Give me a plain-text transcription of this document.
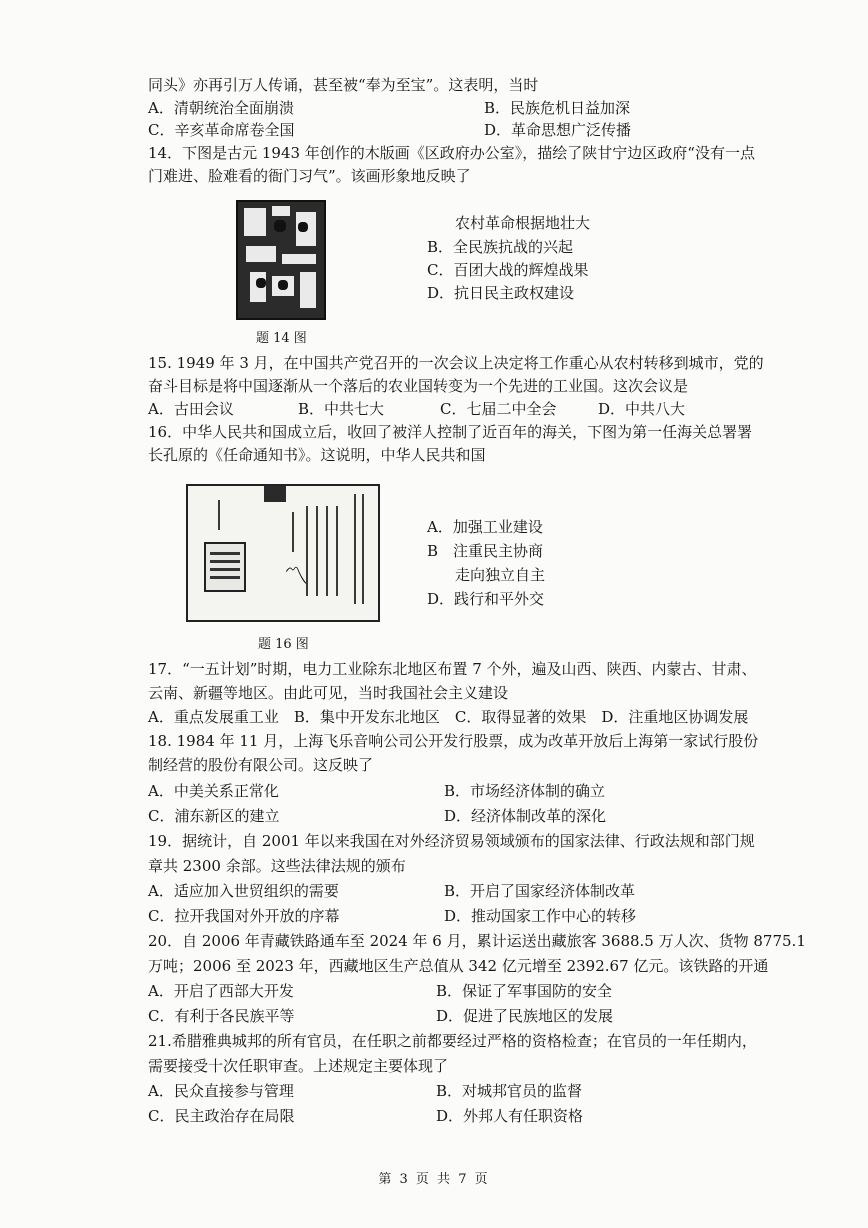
同头》亦再引万人传诵，甚至被“奉为至宝”。这表明，当时
A．清朝统治全面崩溃	B．民族危机日益加深
C．辛亥革命席卷全国	D．革命思想广泛传播
14．下图是古元 1943 年创作的木版画《区政府办公室》，描绘了陕甘宁边区政府“没有一点
门难进、脸难看的衙门习气”。该画形象地反映了
农村革命根据地壮大
B．全民族抗战的兴起
C．百团大战的辉煌战果
D．抗日民主政权建设
题 14 图
15. 1949 年 3 月，在中国共产党召开的一次会议上决定将工作重心从农村转移到城市，党的
奋斗目标是将中国逐渐从一个落后的农业国转变为一个先进的工业国。这次会议是
A．古田会议	B．中共七大	C．七届二中全会	D．中共八大
16．中华人民共和国成立后，收回了被洋人控制了近百年的海关，下图为第一任海关总署署
长孔原的《任命通知书》。这说明，中华人民共和国
〽
A．加强工业建设
B　注重民主协商
走向独立自主
D．践行和平外交
题 16 图
17．“一五计划”时期，电力工业除东北地区布置 7 个外，遍及山西、陕西、内蒙古、甘肃、
云南、新疆等地区。由此可见，当时我国社会主义建设
A．重点发展重工业　B．集中开发东北地区　C．取得显著的效果　D．注重地区协调发展
18. 1984 年 11 月，上海飞乐音响公司公开发行股票，成为改革开放后上海第一家试行股份
制经营的股份有限公司。这反映了
A．中美关系正常化	B．市场经济体制的确立
C．浦东新区的建立	D．经济体制改革的深化
19．据统计，自 2001 年以来我国在对外经济贸易领域颁布的国家法律、行政法规和部门规
章共 2300 余部。这些法律法规的颁布
A．适应加入世贸组织的需要	B．开启了国家经济体制改革
C．拉开我国对外开放的序幕	D．推动国家工作中心的转移
20．自 2006 年青藏铁路通车至 2024 年 6 月，累计运送出藏旅客 3688.5 万人次、货物 8775.1
万吨；2006 至 2023 年，西藏地区生产总值从 342 亿元增至 2392.67 亿元。该铁路的开通
A．开启了西部大开发	B．保证了军事国防的安全
C．有利于各民族平等	D．促进了民族地区的发展
21.希腊雅典城邦的所有官员，在任职之前都要经过严格的资格检查；在官员的一年任期内，
需要接受十次任职审查。上述规定主要体现了
A．民众直接参与管理	B．对城邦官员的监督
C．民主政治存在局限	D．外邦人有任职资格
第 3 页 共 7 页
